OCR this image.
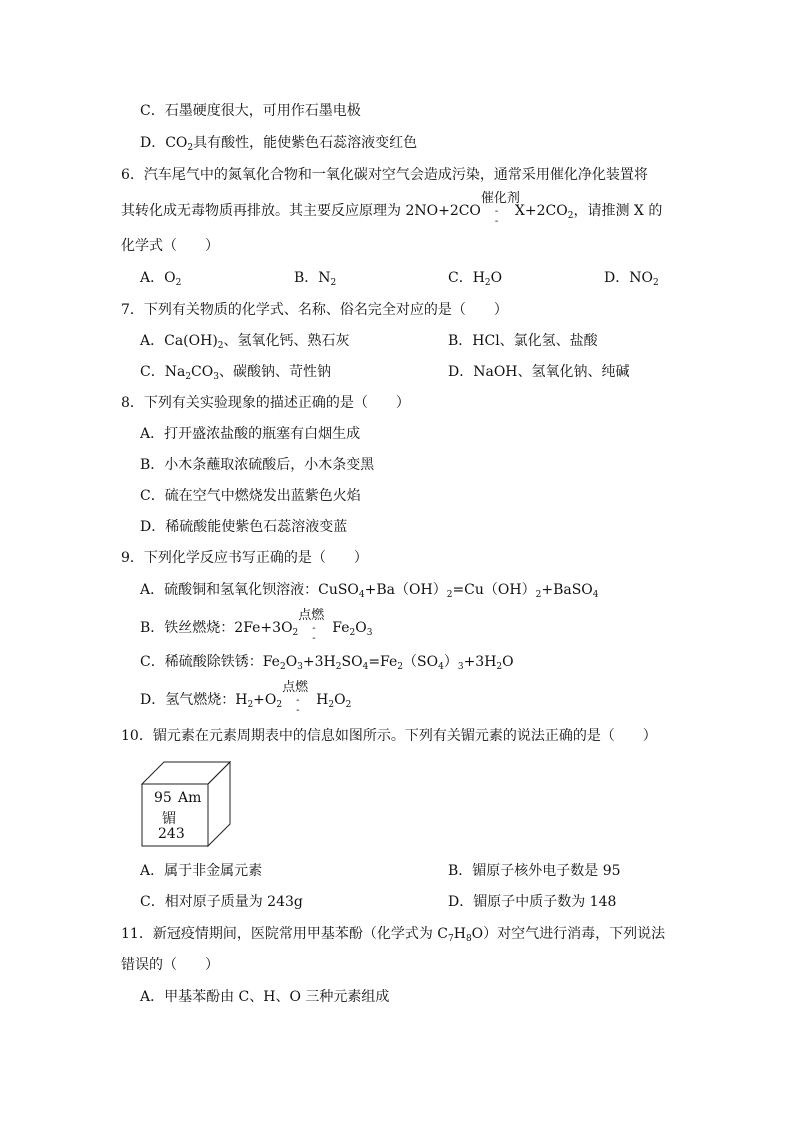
C．石墨硬度很大，可用作石墨电极
D．$CO_2$具有酸性，能使紫色石蕊溶液变红色
6．汽车尾气中的氮氧化合物和一氧化碳对空气会造成污染，通常采用催化净化装置将
其转化成无毒物质再排放。其主要反应原理为 2NO+2CO
催化剂
-
-
$X+2CO_2$，请推测 X 的
化学式（　　）
A．$O_2$	B．$N_2$	C．$H_2O$	D．$NO_2$
7．下列有关物质的化学式、名称、俗名完全对应的是（　　）
A．$Ca(OH)_2$、氢氧化钙、熟石灰	B．HCl、氯化氢、盐酸
C．$Na_2CO_3$、碳酸钠、苛性钠	D．NaOH、氢氧化钠、纯碱
8．下列有关实验现象的描述正确的是（　　）
A．打开盛浓盐酸的瓶塞有白烟生成
B．小木条蘸取浓硫酸后，小木条变黑
C．硫在空气中燃烧发出蓝紫色火焰
D．稀硫酸能使紫色石蕊溶液变蓝
9．下列化学反应书写正确的是（　　）
A．硫酸铜和氢氧化钡溶液：$CuSO_4+Ba(OH)_2=Cu(OH)_2+BaSO_4$
B．铁丝燃烧：$2Fe+3O_2$
点燃
-
-
$Fe_2O_3$
C．稀硫酸除铁锈：$Fe_2O_3+3H_2SO_4=Fe_2(SO_4)_3+3H_2O$
D．氢气燃烧：$H_2+O_2$
点燃
-
-
$H_2O_2$
10．镅元素在元素周期表中的信息如图所示。下列有关镅元素的说法正确的是（　　）
95 Am
镅
243
A．属于非金属元素	B．镅原子核外电子数是 95
C．相对原子质量为 243g	D．镅原子中质子数为 148
11．新冠疫情期间，医院常用甲基苯酚（化学式为 $C_7H_8O$）对空气进行消毒，下列说法
错误的（　　）
A．甲基苯酚由 C、H、O 三种元素组成
